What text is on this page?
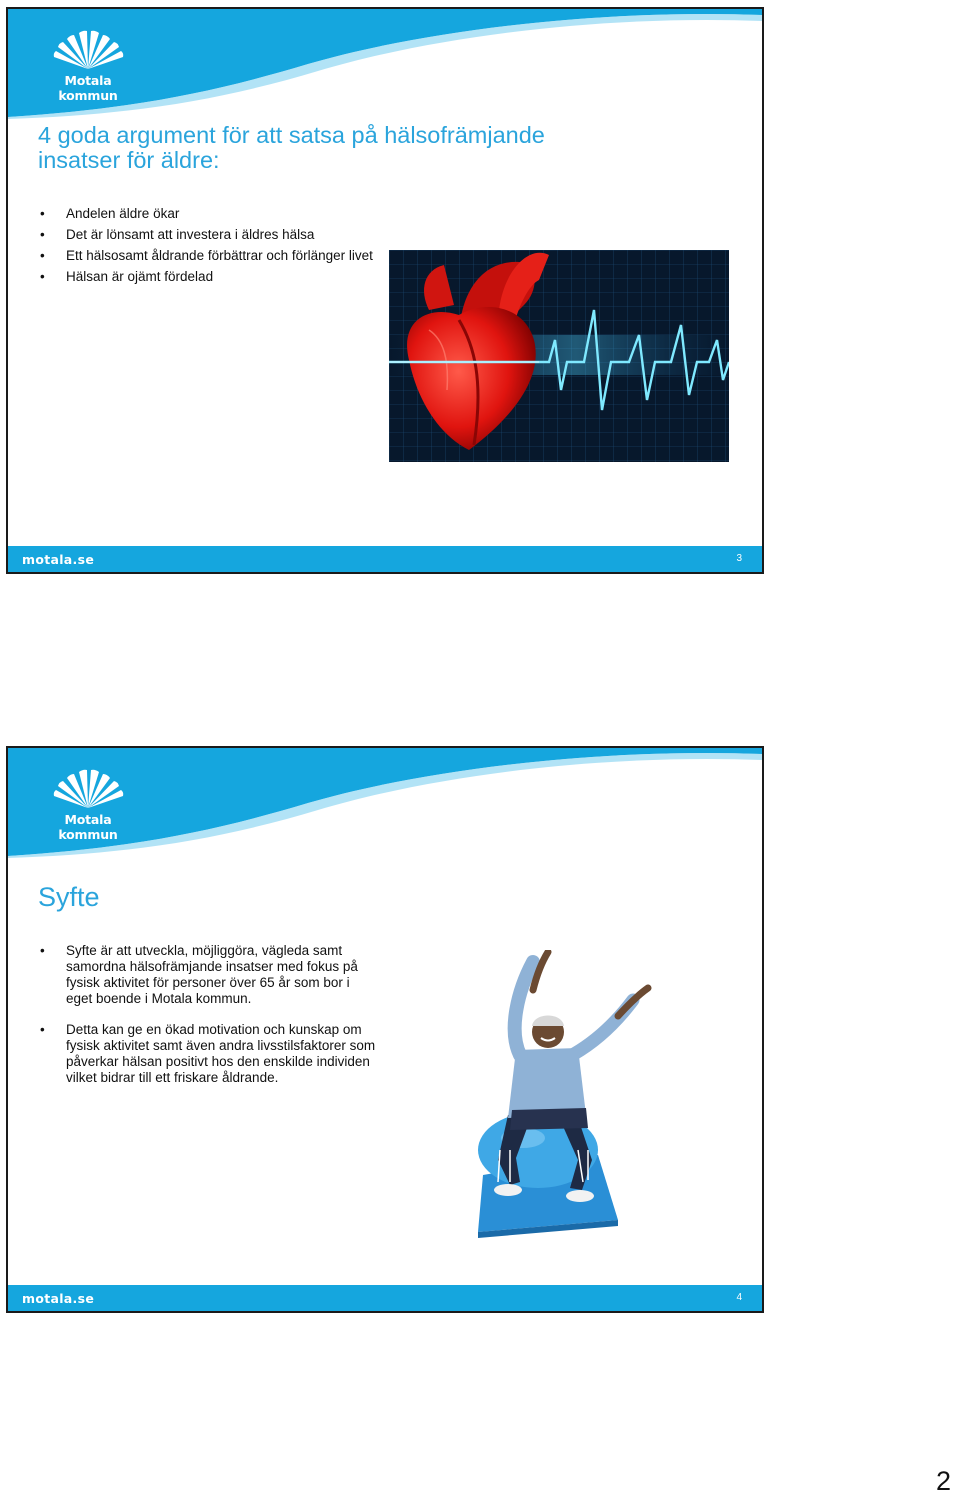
Motala kommun
4 goda argument för att satsa på hälsofrämjande insatser för äldre:
• Andelen äldre ökar
• Det är lönsamt att investera i äldres hälsa
• Ett hälsosamt åldrande förbättrar och förlänger livet
• Hälsan är ojämt fördelad
motala.se	3
Motala kommun
Syfte
• Syfte är att utveckla, möjliggöra, vägleda samt samordna hälsofrämjande insatser med fokus på fysisk aktivitet för personer över 65 år som bor i eget boende i Motala kommun.
• Detta kan ge en ökad motivation och kunskap om fysisk aktivitet samt även andra livsstilsfaktorer som påverkar hälsan positivt hos den enskilde individen vilket bidrar till ett friskare åldrande.
motala.se	4
2
